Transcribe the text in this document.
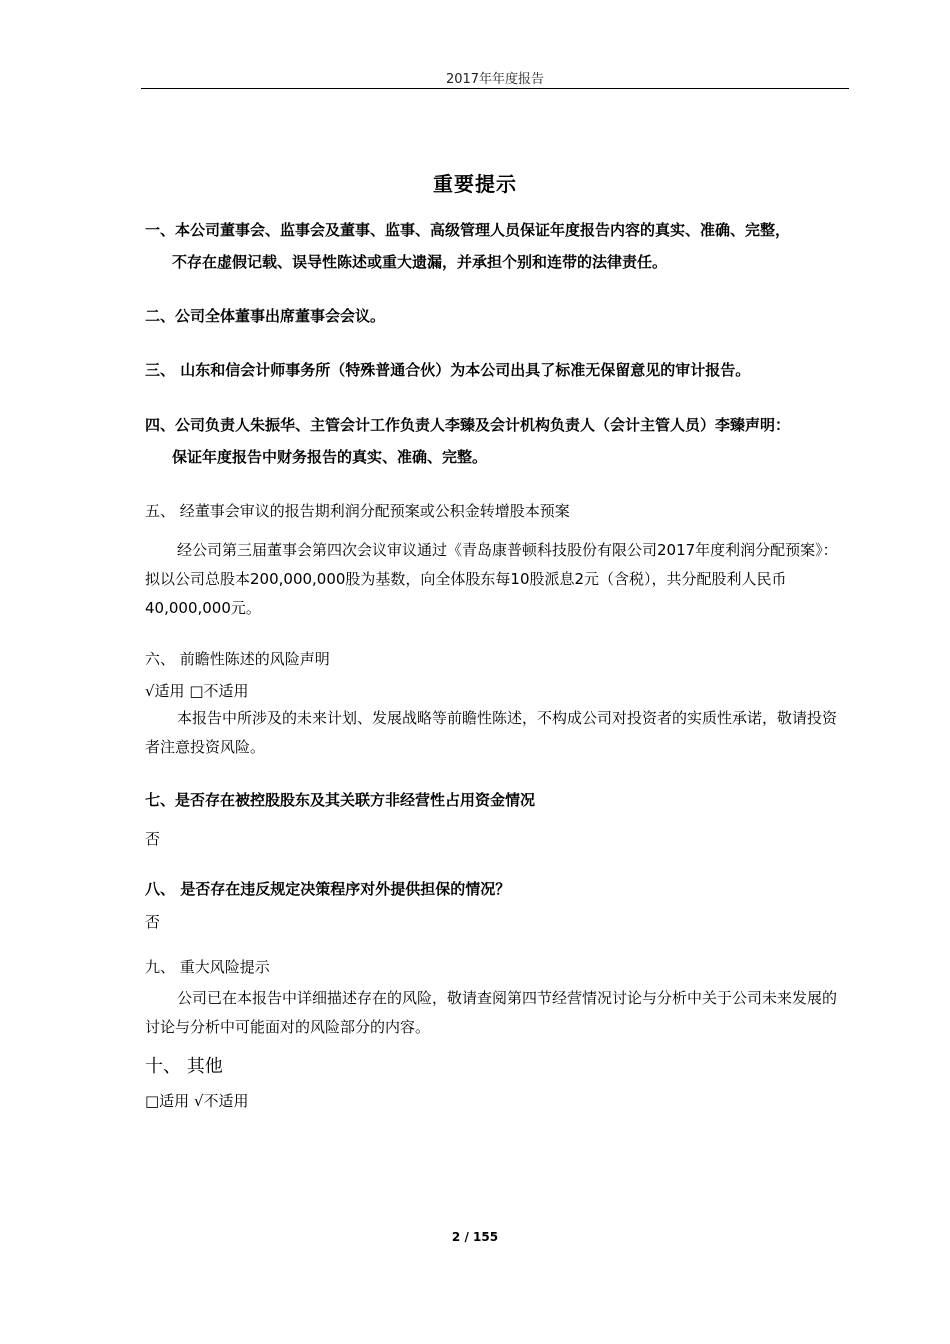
2017年年度报告
重要提示
一、本公司董事会、监事会及董事、监事、高级管理人员保证年度报告内容的真实、准确、完整，
不存在虚假记载、误导性陈述或重大遗漏，并承担个别和连带的法律责任。
二、公司全体董事出席董事会会议。
三、 山东和信会计师事务所（特殊普通合伙）为本公司出具了标准无保留意见的审计报告。
四、公司负责人朱振华、主管会计工作负责人李臻及会计机构负责人（会计主管人员）李臻声明：
保证年度报告中财务报告的真实、准确、完整。
五、 经董事会审议的报告期利润分配预案或公积金转增股本预案
经公司第三届董事会第四次会议审议通过《青岛康普顿科技股份有限公司2017年度利润分配预案》：拟以公司总股本200,000,000股为基数，向全体股东每10股派息2元（含税），共分配股利人民币40,000,000元。
六、 前瞻性陈述的风险声明
√适用 □不适用
本报告中所涉及的未来计划、发展战略等前瞻性陈述，不构成公司对投资者的实质性承诺，敬请投资者注意投资风险。
七、是否存在被控股股东及其关联方非经营性占用资金情况
否
八、 是否存在违反规定决策程序对外提供担保的情况？
否
九、 重大风险提示
公司已在本报告中详细描述存在的风险，敬请查阅第四节经营情况讨论与分析中关于公司未来发展的讨论与分析中可能面对的风险部分的内容。
十、 其他
□适用 √不适用
2 / 155
